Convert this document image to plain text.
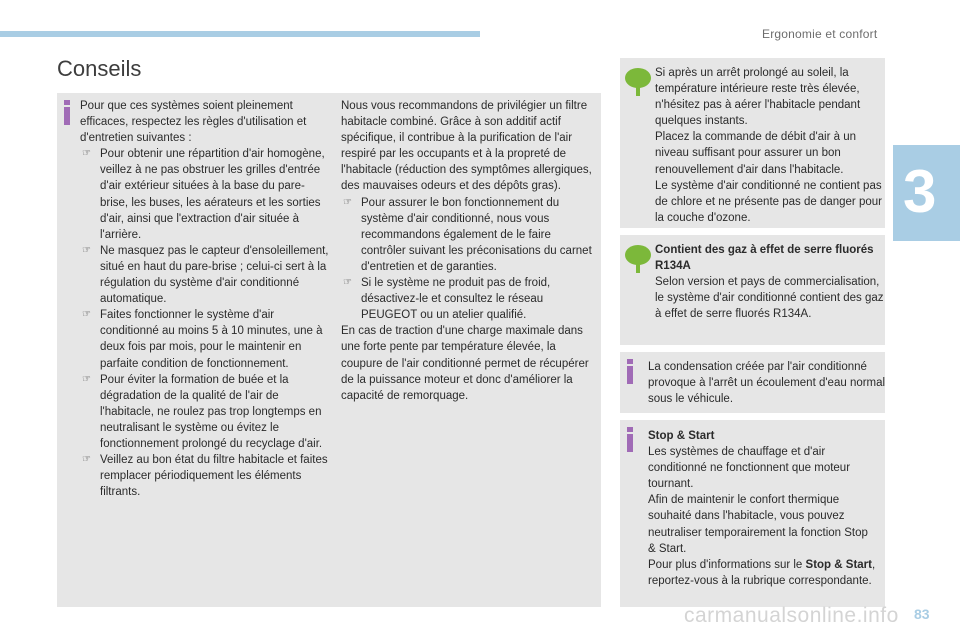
Ergonomie et confort
3
Conseils

Pour que ces systèmes soient pleinement efficaces, respectez les règles d'utilisation et d'entretien suivantes :

☞ Pour obtenir une répartition d'air homogène, veillez à ne pas obstruer les grilles d'entrée d'air extérieur situées à la base du pare-brise, les buses, les aérateurs et les sorties d'air, ainsi que l'extraction d'air située à l'arrière.
☞ Ne masquez pas le capteur d'ensoleillement, situé en haut du pare-brise ; celui-ci sert à la régulation du système d'air conditionné automatique.
☞ Faites fonctionner le système d'air conditionné au moins 5 à 10 minutes, une à deux fois par mois, pour le maintenir en parfaite condition de fonctionnement.
☞ Pour éviter la formation de buée et la dégradation de la qualité de l'air de l'habitacle, ne roulez pas trop longtemps en neutralisant le système ou évitez le fonctionnement prolongé du recyclage d'air.
☞ Veillez au bon état du filtre habitacle et faites remplacer périodiquement les éléments filtrants.

Nous vous recommandons de privilégier un filtre habitacle combiné. Grâce à son additif actif spécifique, il contribue à la purification de l'air respiré par les occupants et à la propreté de l'habitacle (réduction des symptômes allergiques, des mauvaises odeurs et des dépôts gras).

☞ Pour assurer le bon fonctionnement du système d'air conditionné, nous vous recommandons également de le faire contrôler suivant les préconisations du carnet d'entretien et de garanties.
☞ Si le système ne produit pas de froid, désactivez-le et consultez le réseau PEUGEOT ou un atelier qualifié.

En cas de traction d'une charge maximale dans une forte pente par température élevée, la coupure de l'air conditionné permet de récupérer de la puissance moteur et donc d'améliorer la capacité de remorquage.

Si après un arrêt prolongé au soleil, la température intérieure reste très élevée, n'hésitez pas à aérer l'habitacle pendant quelques instants.

Placez la commande de débit d'air à un niveau suffisant pour assurer un bon renouvellement d'air dans l'habitacle.

Le système d'air conditionné ne contient pas de chlore et ne présente pas de danger pour la couche d'ozone.

Contient des gaz à effet de serre fluorés R134A

Selon version et pays de commercialisation, le système d'air conditionné contient des gaz à effet de serre fluorés R134A.

La condensation créée par l'air conditionné provoque à l'arrêt un écoulement d'eau normal sous le véhicule.

Stop & Start

Les systèmes de chauffage et d'air conditionné ne fonctionnent que moteur tournant.

Afin de maintenir le confort thermique souhaité dans l'habitacle, vous pouvez neutraliser temporairement la fonction Stop & Start.

Pour plus d'informations sur le Stop & Start, reportez-vous à la rubrique correspondante.

carmanualsonline.info 83
